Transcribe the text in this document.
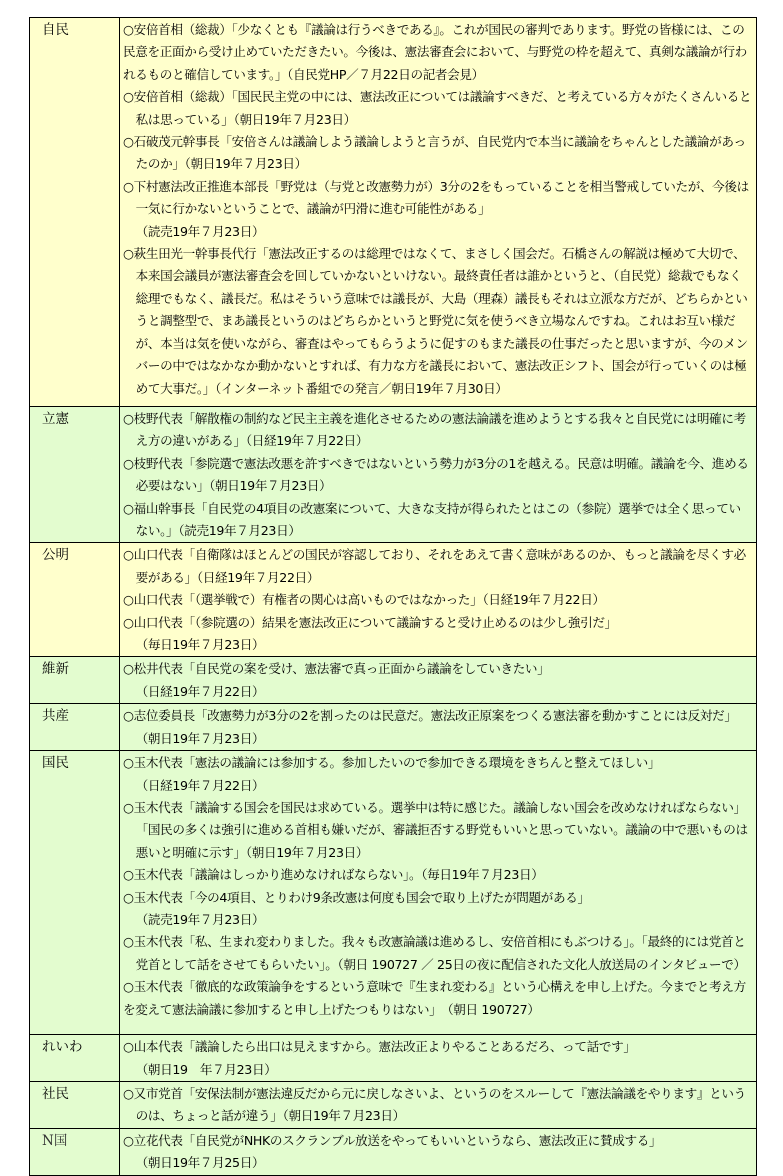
自民	○安倍首相（総裁）「少なくとも『議論は行うべきである』。これが国民の審判であります。野党の皆様には、この民意を正面から受け止めていただきたい。今後は、憲法審査会において、与野党の枠を超えて、真剣な議論が行われるものと確信しています。」（自民党HP／７月22日の記者会見）

○安倍首相（総裁）「国民民主党の中には、憲法改正については議論すべきだ、と考えている方々がたくさんいると私は思っている」（朝日19年７月23日）

○石破茂元幹事長「安倍さんは議論しよう議論しようと言うが、自民党内で本当に議論をちゃんとした議論があったのか」（朝日19年７月23日）

○下村憲法改正推進本部長「野党は（与党と改憲勢力が）3分の2をもっていることを相当警戒していたが、今後は一気に行かないということで、議論が円滑に進む可能性がある」

（読売19年７月23日）

○萩生田光一幹事長代行「憲法改正するのは総理ではなくて、まさしく国会だ。石橋さんの解説は極めて大切で、本来国会議員が憲法審査会を回していかないといけない。最終責任者は誰かというと、（自民党）総裁でもなく総理でもなく、議長だ。私はそういう意味では議長が、大島（理森）議長もそれは立派な方だが、どちらかというと調整型で、まあ議長というのはどちらかというと野党に気を使うべき立場なんですね。これはお互い様だが、本当は気を使いながら、審査はやってもらうように促すのもまた議長の仕事だったと思いますが、今のメンバーの中ではなかなか動かないとすれば、有力な方を議長において、憲法改正シフト、国会が行っていくのは極めて大事だ。」（インターネット番組での発言／朝日19年７月30日）

立憲	○枝野代表「解散権の制約など民主主義を進化させるための憲法論議を進めようとする我々と自民党には明確に考え方の違いがある」（日経19年７月22日）

○枝野代表「参院選で憲法改悪を許すべきではないという勢力が3分の1を越える。民意は明確。議論を今、進める必要はない」（朝日19年７月23日）

○福山幹事長「自民党の4項目の改憲案について、大きな支持が得られたとはこの（参院）選挙では全く思っていない。」（読売19年７月23日）

公明	○山口代表「自衛隊はほとんどの国民が容認しており、それをあえて書く意味があるのか、もっと議論を尽くす必要がある」（日経19年７月22日）

○山口代表「（選挙戦で）有権者の関心は高いものではなかった」（日経19年７月22日）

○山口代表「（参院選の）結果を憲法改正について議論すると受け止めるのは少し強引だ」

（毎日19年７月23日）

維新	○松井代表「自民党の案を受け、憲法審で真っ正面から議論をしていきたい」

（日経19年７月22日）

共産	○志位委員長「改憲勢力が3分の2を割ったのは民意だ。憲法改正原案をつくる憲法審を動かすことには反対だ」（朝日19年７月23日）

国民	○玉木代表「憲法の議論には参加する。参加したいので参加できる環境をきちんと整えてほしい」

（日経19年７月22日）

○玉木代表「議論する国会を国民は求めている。選挙中は特に感じた。議論しない国会を改めなければならない」「国民の多くは強引に進める首相も嫌いだが、審議拒否する野党もいいと思っていない。議論の中で悪いものは悪いと明確に示す」（朝日19年７月23日）

○玉木代表「議論はしっかり進めなければならない」。（毎日19年７月23日）

○玉木代表「今の4項目、とりわけ9条改憲は何度も国会で取り上げたが問題がある」

（読売19年７月23日）

○玉木代表「私、生まれ変わりました。我々も改憲論議は進めるし、安倍首相にもぶつける」。「最終的には党首と党首として話をさせてもらいたい」。（朝日 190727 ／ 25日の夜に配信された文化人放送局のインタビューで）

○玉木代表「徹底的な政策論争をするという意味で『生まれ変わる』という心構えを申し上げた。今までと考え方を変えて憲法論議に参加すると申し上げたつもりはない」　（朝日 190727）

れいわ	○山本代表「議論したら出口は見えますから。憲法改正よりやることあるだろ、って話です」

（朝日19　年７月23日）

社民	○又市党首「安保法制が憲法違反だから元に戻しなさいよ、というのをスルーして『憲法論議をやります』というのは、ちょっと話が違う」（朝日19年７月23日）

N国	○立花代表「自民党がNHKのスクランブル放送をやってもいいというなら、憲法改正に賛成する」

（朝日19年７月25日）
